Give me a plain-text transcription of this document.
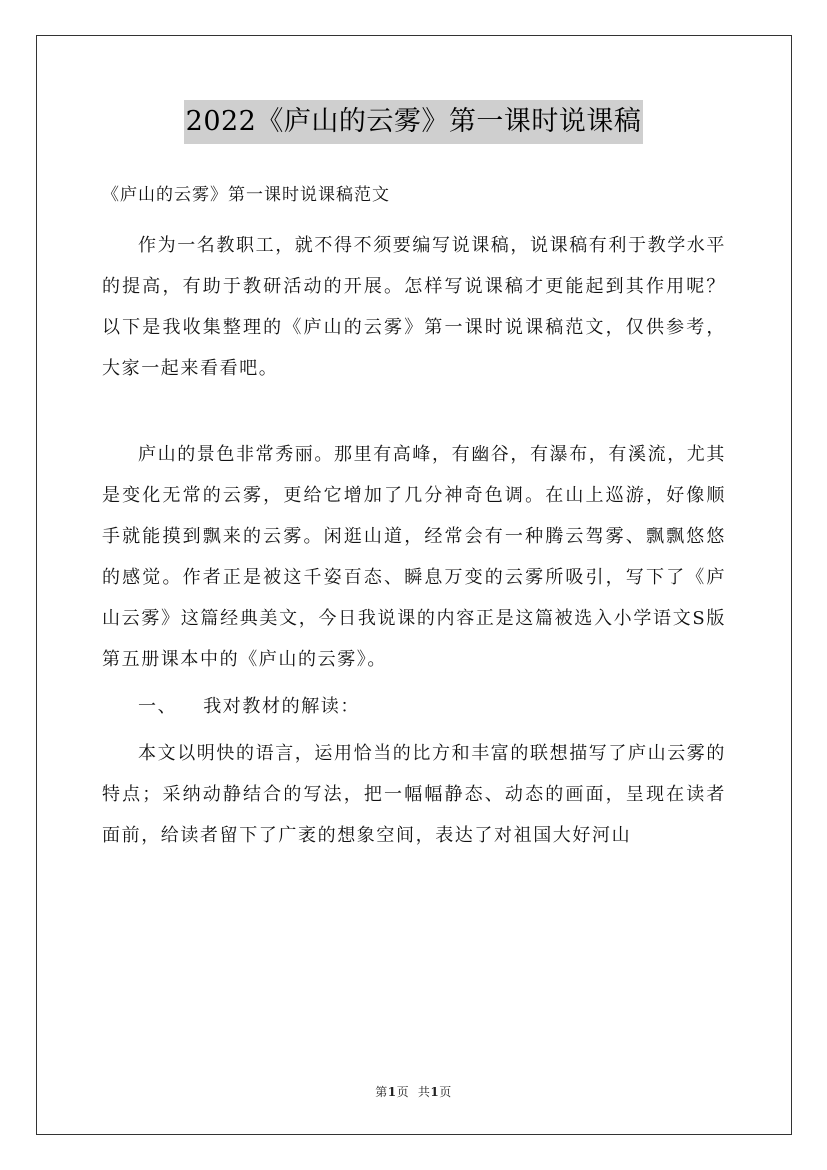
2022《庐山的云雾》第一课时说课稿

《庐山的云雾》第一课时说课稿范文

作为一名教职工，就不得不须要编写说课稿，说课稿有利于教学水平的提高，有助于教研活动的开展。怎样写说课稿才更能起到其作用呢？以下是我收集整理的《庐山的云雾》第一课时说课稿范文，仅供参考，大家一起来看看吧。

庐山的景色非常秀丽。那里有高峰，有幽谷，有瀑布，有溪流，尤其是变化无常的云雾，更给它增加了几分神奇色调。在山上巡游，好像顺手就能摸到飘来的云雾。闲逛山道，经常会有一种腾云驾雾、飘飘悠悠的感觉。作者正是被这千姿百态、瞬息万变的云雾所吸引，写下了《庐山云雾》这篇经典美文，今日我说课的内容正是这篇被选入小学语文S版第五册课本中的《庐山的云雾》。

一、 我对教材的解读：

本文以明快的语言，运用恰当的比方和丰富的联想描写了庐山云雾的特点；采纳动静结合的写法，把一幅幅静态、动态的画面，呈现在读者面前，给读者留下了广袤的想象空间，表达了对祖国大好河山

第1页 共1页
